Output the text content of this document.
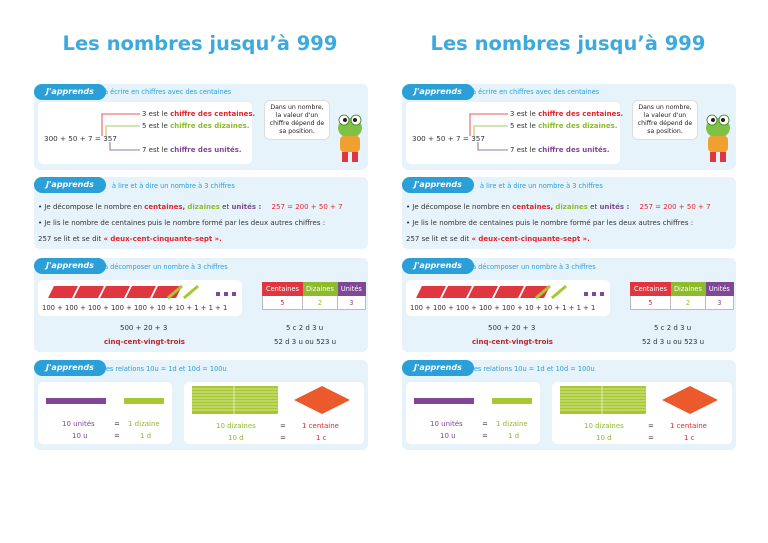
Les nombres jusqu’à 999
J'apprends	à écrire en chiffres avec des centaines
300 + 50 + 7 = 357
3 est le chiffre des centaines.
5 est le chiffre des dizaines.
7 est le chiffre des unités.
Dans un nombre, la valeur d'un chiffre dépend de sa position.
J'apprends	à lire et à dire un nombre à 3 chiffres
• Je décompose le nombre en centaines, dizaines et unités : 257 = 200 + 50 + 7
• Je lis le nombre de centaines puis le nombre formé par les deux autres chiffres :
257 se lit et se dit « deux-cent-cinquante-sept ».
J'apprends	à décomposer un nombre à 3 chiffres
100 + 100 + 100 + 100 + 100 + 10 + 10 + 1 + 1 + 1
500 + 20 + 3
cinq-cent-vingt-trois
Centaines	Dizaines	Unités
5	2	3
5 c 2 d 3 u
52 d 3 u ou 523 u
J'apprends	les relations 10u = 1d et 10d = 100u
10 unités	= 1 dizaine
10 u	=	1 d
10 dizaines	= 1 centaine
10 d	=	1 c
Les nombres jusqu’à 999
J'apprends	à écrire en chiffres avec des centaines
300 + 50 + 7 = 357
3 est le chiffre des centaines.
5 est le chiffre des dizaines.
7 est le chiffre des unités.
Dans un nombre, la valeur d'un chiffre dépend de sa position.
J'apprends	à lire et à dire un nombre à 3 chiffres
• Je décompose le nombre en centaines, dizaines et unités : 257 = 200 + 50 + 7
• Je lis le nombre de centaines puis le nombre formé par les deux autres chiffres :
257 se lit et se dit « deux-cent-cinquante-sept ».
J'apprends	à décomposer un nombre à 3 chiffres
100 + 100 + 100 + 100 + 100 + 10 + 10 + 1 + 1 + 1
500 + 20 + 3
cinq-cent-vingt-trois
Centaines	Dizaines	Unités
5	2	3
5 c 2 d 3 u
52 d 3 u ou 523 u
J'apprends	les relations 10u = 1d et 10d = 100u
10 unités	= 1 dizaine
10 u	=	1 d
10 dizaines	= 1 centaine
10 d	=	1 c
